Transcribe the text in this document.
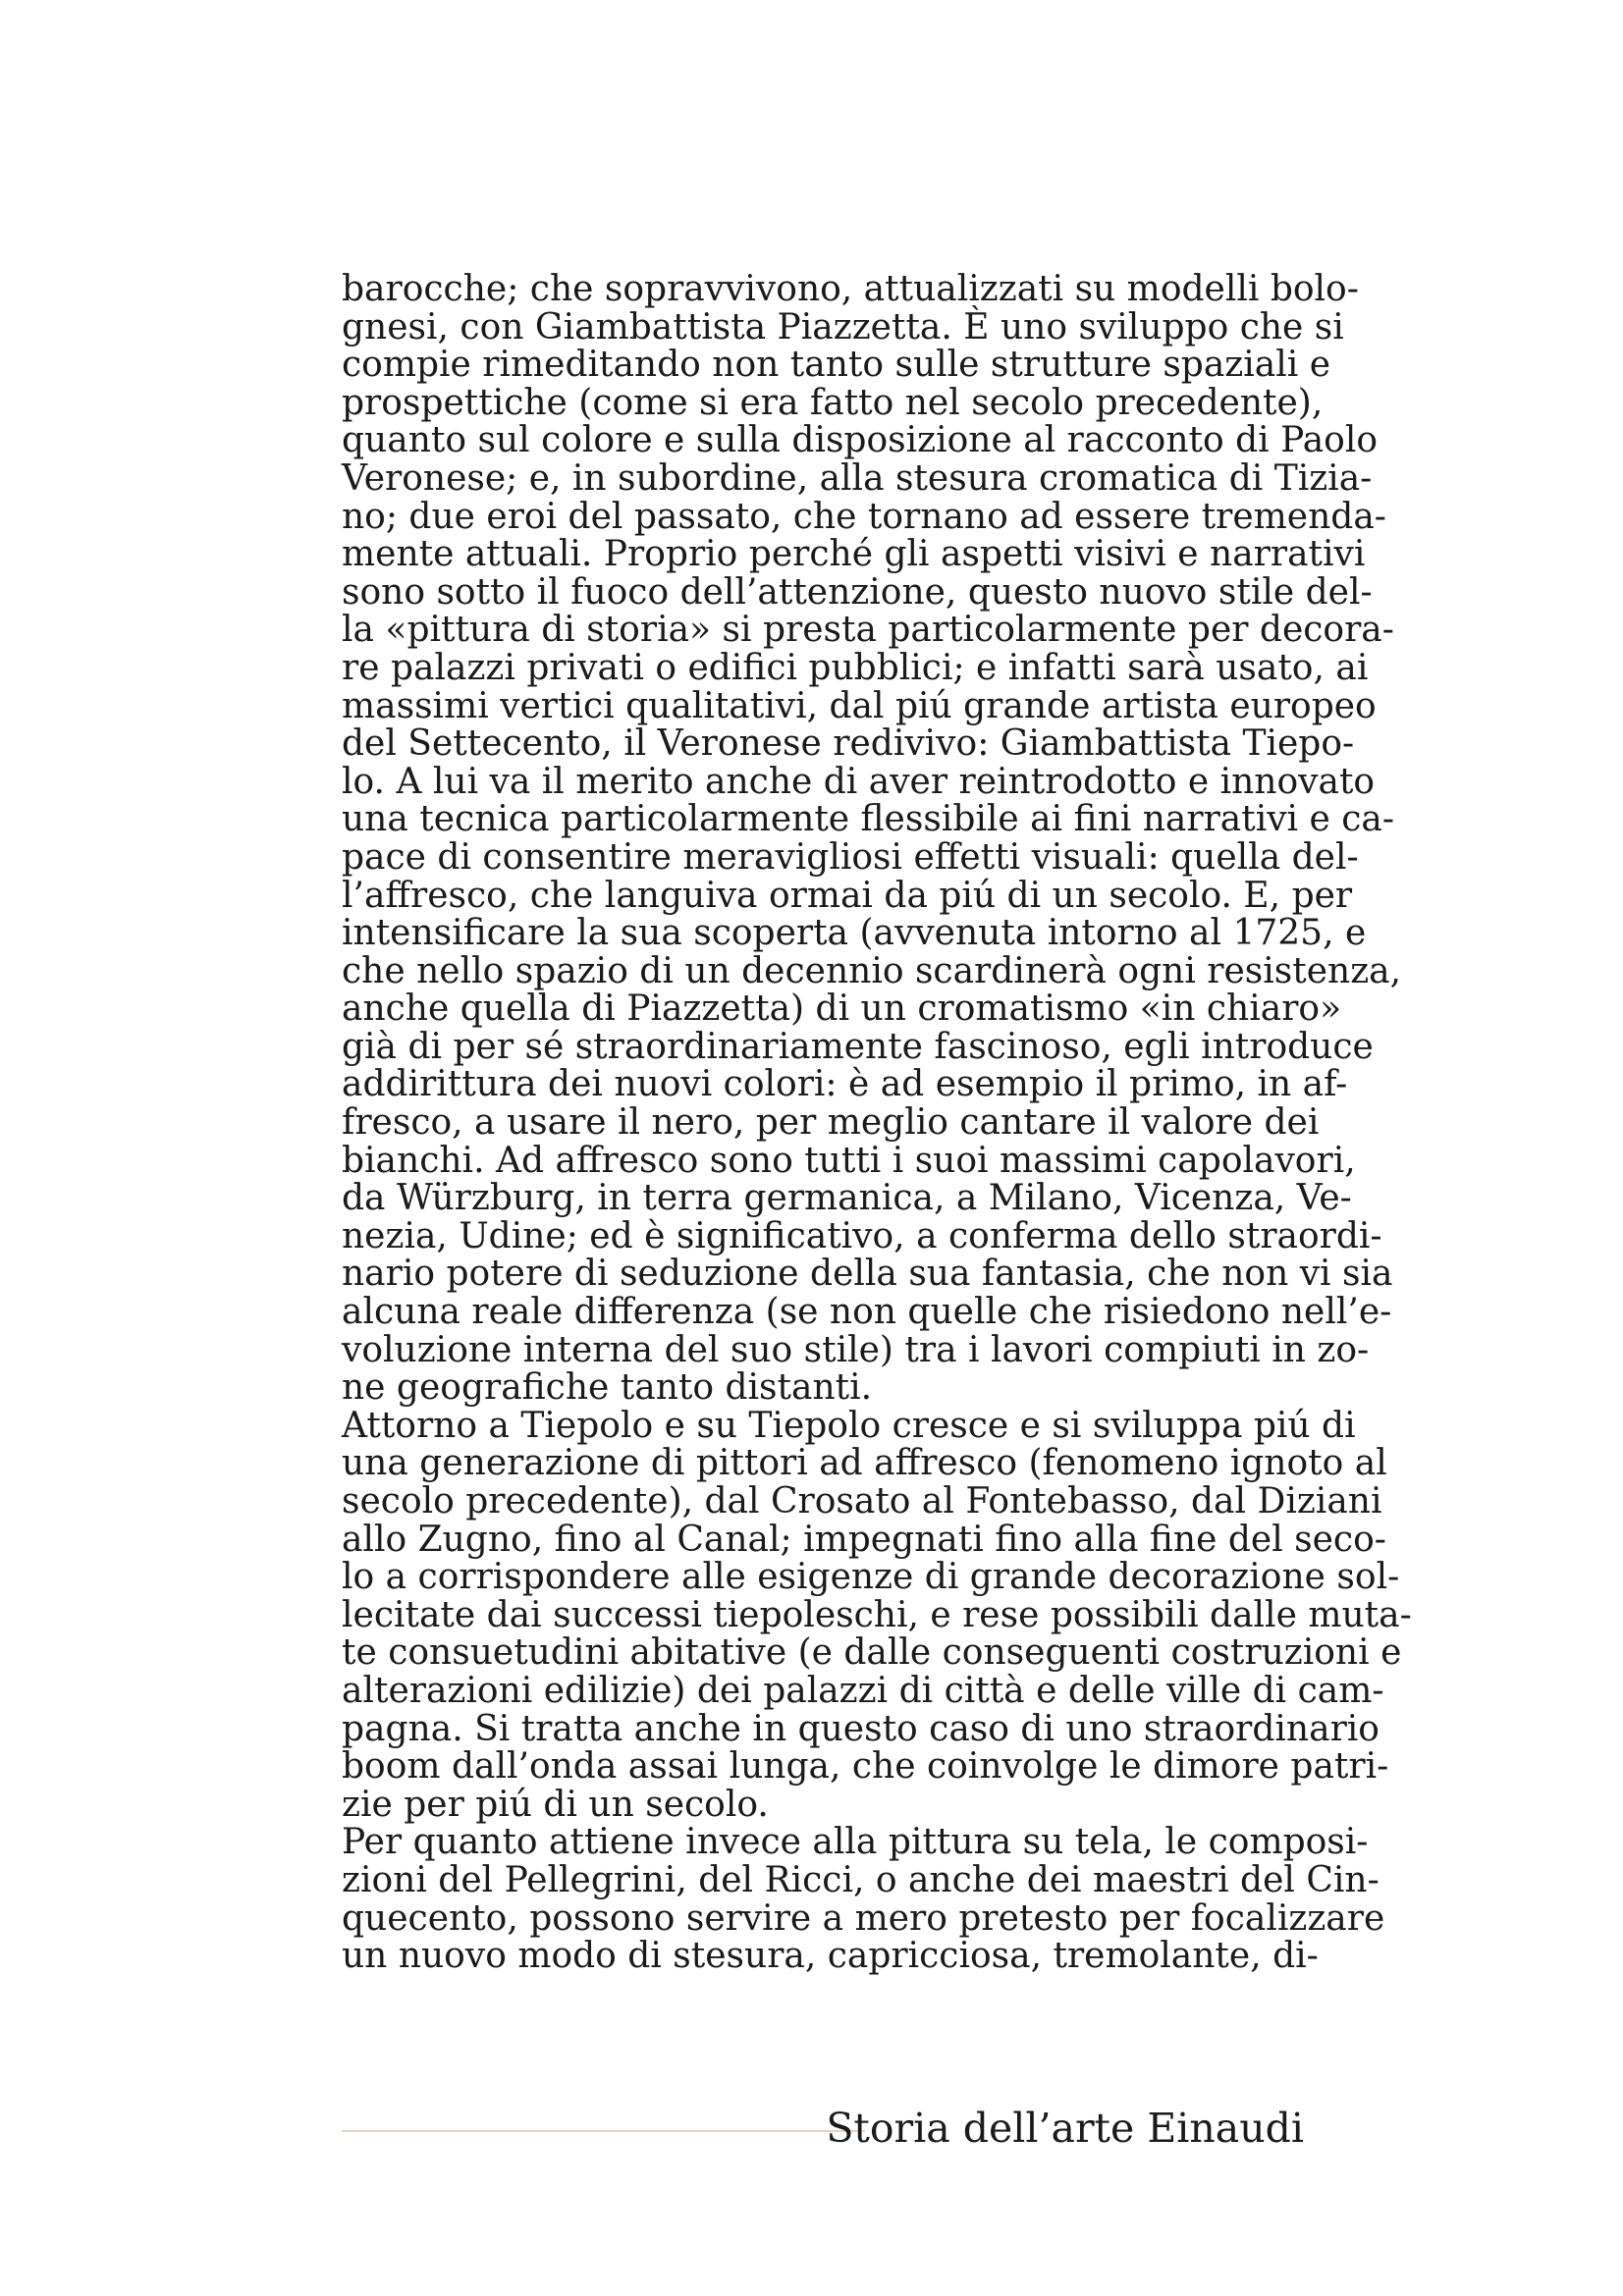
barocche; che sopravvivono, attualizzati su modelli bolo-
gnesi, con Giambattista Piazzetta. È uno sviluppo che si
compie rimeditando non tanto sulle strutture spaziali e
prospettiche (come si era fatto nel secolo precedente),
quanto sul colore e sulla disposizione al racconto di Paolo
Veronese; e, in subordine, alla stesura cromatica di Tizia-
no; due eroi del passato, che tornano ad essere tremenda-
mente attuali. Proprio perché gli aspetti visivi e narrativi
sono sotto il fuoco dell’attenzione, questo nuovo stile del-
la «pittura di storia» si presta particolarmente per decora-
re palazzi privati o edifici pubblici; e infatti sarà usato, ai
massimi vertici qualitativi, dal piú grande artista europeo
del Settecento, il Veronese redivivo: Giambattista Tiepo-
lo. A lui va il merito anche di aver reintrodotto e innovato
una tecnica particolarmente flessibile ai fini narrativi e ca-
pace di consentire meravigliosi effetti visuali: quella del-
l’affresco, che languiva ormai da piú di un secolo. E, per
intensificare la sua scoperta (avvenuta intorno al 1725, e
che nello spazio di un decennio scardinerà ogni resistenza,
anche quella di Piazzetta) di un cromatismo «in chiaro»
già di per sé straordinariamente fascinoso, egli introduce
addirittura dei nuovi colori: è ad esempio il primo, in af-
fresco, a usare il nero, per meglio cantare il valore dei
bianchi. Ad affresco sono tutti i suoi massimi capolavori,
da Würzburg, in terra germanica, a Milano, Vicenza, Ve-
nezia, Udine; ed è significativo, a conferma dello straordi-
nario potere di seduzione della sua fantasia, che non vi sia
alcuna reale differenza (se non quelle che risiedono nell’e-
voluzione interna del suo stile) tra i lavori compiuti in zo-
ne geografiche tanto distanti.
Attorno a Tiepolo e su Tiepolo cresce e si sviluppa piú di
una generazione di pittori ad affresco (fenomeno ignoto al
secolo precedente), dal Crosato al Fontebasso, dal Diziani
allo Zugno, fino al Canal; impegnati fino alla fine del seco-
lo a corrispondere alle esigenze di grande decorazione sol-
lecitate dai successi tiepoleschi, e rese possibili dalle muta-
te consuetudini abitative (e dalle conseguenti costruzioni e
alterazioni edilizie) dei palazzi di città e delle ville di cam-
pagna. Si tratta anche in questo caso di uno straordinario
boom dall’onda assai lunga, che coinvolge le dimore patri-
zie per piú di un secolo.
Per quanto attiene invece alla pittura su tela, le composi-
zioni del Pellegrini, del Ricci, o anche dei maestri del Cin-
quecento, possono servire a mero pretesto per focalizzare
un nuovo modo di stesura, capricciosa, tremolante, di-
Storia dell’arte Einaudi
